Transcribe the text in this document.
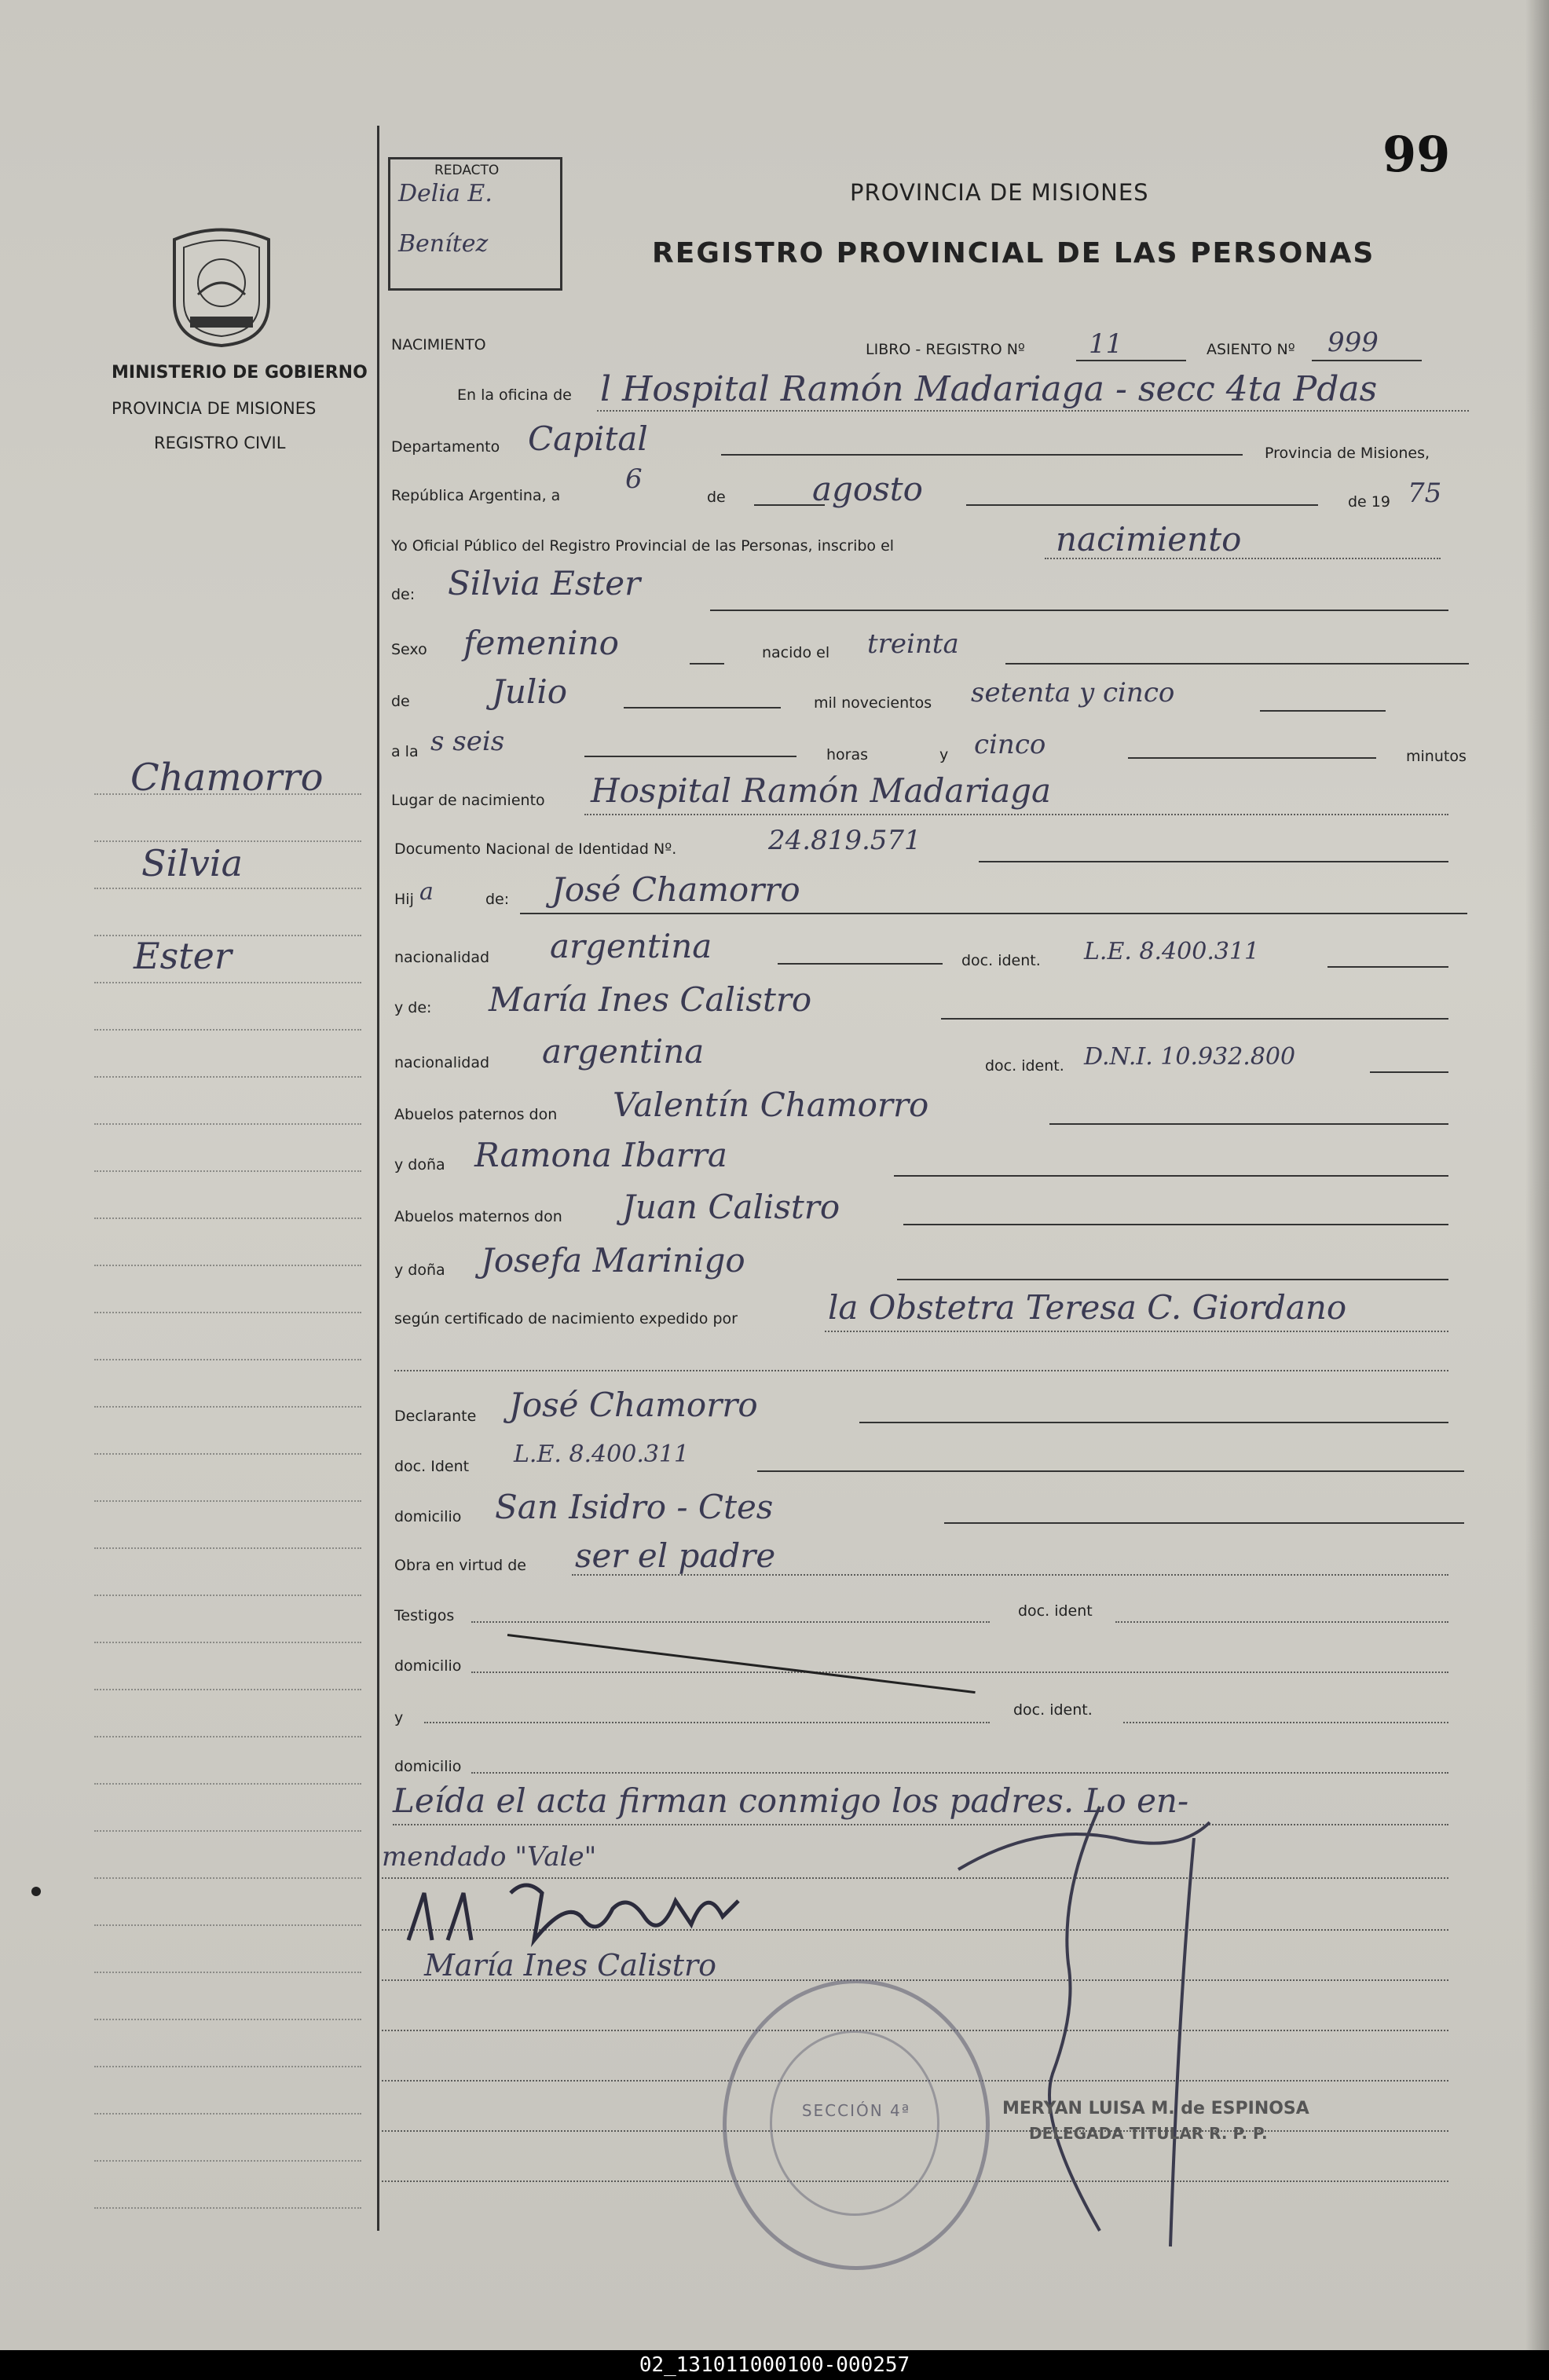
99
REDACTO
Delia E.
Benítez
PROVINCIA DE MISIONES
REGISTRO PROVINCIAL DE LAS PERSONAS
MINISTERIO DE GOBIERNO
PROVINCIA DE MISIONES
REGISTRO CIVIL
Chamorro
Silvia
Ester
NACIMIENTO	LIBRO - REGISTRO Nº 11	ASIENTO Nº 999
En la oficina de l Hospital Ramón Madariaga - secc 4ta Pdas
Departamento Capital	Provincia de Misiones,
República Argentina, a
6
de	agosto	de 19 75
Yo Oficial Público del Registro Provincial de las Personas, inscribo el	nacimiento
de: Silvia Ester
Sexo femenino	nacido el treinta
de Julio	mil novecientos setenta y cinco
a la s seis	horas	y cinco	minutos
Lugar de nacimiento Hospital Ramón Madariaga
Documento Nacional de Identidad Nº.	24.819.571
Hij a	de: José Chamorro
nacionalidad argentina	doc. ident. L.E. 8.400.311
y de: María Ines Calistro
nacionalidad argentina	doc. ident. D.N.I. 10.932.800
Abuelos paternos don Valentín Chamorro
y doña Ramona Ibarra
Abuelos maternos don Juan Calistro
y doña Josefa Marinigo
según certificado de nacimiento expedido por	la Obstetra Teresa C. Giordano
Declarante José Chamorro
doc. Ident L.E. 8.400.311
domicilio San Isidro - Ctes
Obra en virtud de ser el padre
Testigos	doc. ident
domicilio
y	doc. ident.
domicilio
Leída el acta firman conmigo los padres. Lo en-
mendado "Vale"
María Ines Calistro
MERYAN LUISA M. de ESPINOSA
DELEGADA TITULAR R. P. P.
SECCIÓN 4ª
02_131011000100-000257
